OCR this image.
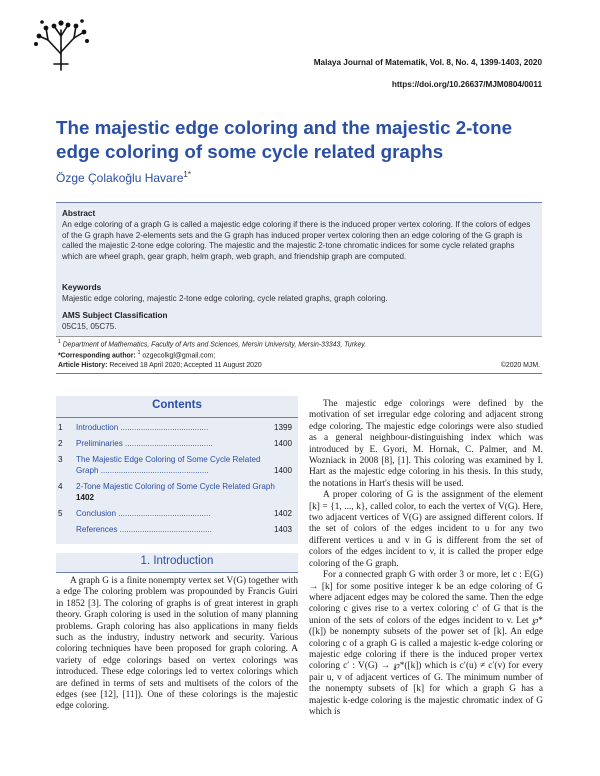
Malaya Journal of Matematik, Vol. 8, No. 4, 1399-1403, 2020
https://doi.org/10.26637/MJM0804/0011
The majestic edge coloring and the majestic 2-tone edge coloring of some cycle related graphs
Özge Çolakoğlu Havare$^{1*}$
Abstract
An edge coloring of a graph G is called a majestic edge coloring if there is the induced proper vertex coloring. If the colors of edges of the G graph have 2-elements sets and the G graph has induced proper vertex coloring then an edge coloring of the G graph is called the majestic 2-tone edge coloring. The majestic and the majestic 2-tone chromatic indices for some cycle related graphs which are wheel graph, gear graph, helm graph, web graph, and friendship graph are computed.
Keywords
Majestic edge coloring, majestic 2-tone edge coloring, cycle related graphs, graph coloring.
AMS Subject Classification
05C15, 05C75.
$^1$ Department of Mathematics, Faculty of Arts and Sciences, Mersin University, Mersin-33343, Turkey.
*Corresponding author: $^1$ ozgecolkgl@gmail.com;
Article History: Received 18 April 2020; Accepted 11 August 2020	©2020 MJM.
Contents
1 Introduction .......................................	1399
2 Preliminaries .......................................	1400
3 The Majestic Edge Coloring of Some Cycle Related
Graph ................................................	1400
4 2-Tone Majestic Coloring of Some Cycle Related Graph
1402
5 Conclusion .........................................	1402
References .........................................	1403
1. Introduction

A graph G is a finite nonempty vertex set V(G) together with a edge The coloring problem was propounded by Francis Guiri in 1852 [3]. The coloring of graphs is of great interest in graph theory. Graph coloring is used in the solution of many planning problems. Graph coloring has also applications in many fields such as the industry, industry network and security. Various coloring techniques have been proposed for graph coloring. A variety of edge colorings based on vertex colorings was introduced. These edge colorings led to vertex colorings which are defined in terms of sets and multisets of the colors of the edges (see [12], [11]). One of these colorings is the majestic edge coloring.

The majestic edge colorings were defined by the motivation of set irregular edge coloring and adjacent strong edge coloring. The majestic edge colorings were also studied as a general neighbour-distinguishing index which was introduced by E. Gyori, M. Hornak, C. Palmer, and M. Wozniack in 2008 [8], [1]. This coloring was examined by I. Hart as the majestic edge coloring in his thesis. In this study, the notations in Hart's thesis will be used.

A proper coloring of G is the assignment of the element [k] = {1, ..., k}, called color, to each the vertex of V(G). Here, two adjacent vertices of V(G) are assigned different colors. If the set of colors of the edges incident to u for any two different vertices u and v in G is different from the set of colors of the edges incident to v, it is called the proper edge coloring of the G graph.

For a connected graph G with order 3 or more, let c : E(G) → [k] for some positive integer k be an edge coloring of G where adjacent edges may be colored the same. Then the edge coloring c gives rise to a vertex coloring c′ of G that is the union of the sets of colors of the edges incident to v. Let ℘*([k]) be nonempty subsets of the power set of [k]. An edge coloring c of a graph G is called a majestic k-edge coloring or majestic edge coloring if there is the induced proper vertex coloring c′ : V(G) → ℘*([k]) which is c′(u) ≠ c′(v) for every pair u, v of adjacent vertices of G. The minimum number of the nonempty subsets of [k] for which a graph G has a majestic k-edge coloring is the majestic chromatic index of G which is
